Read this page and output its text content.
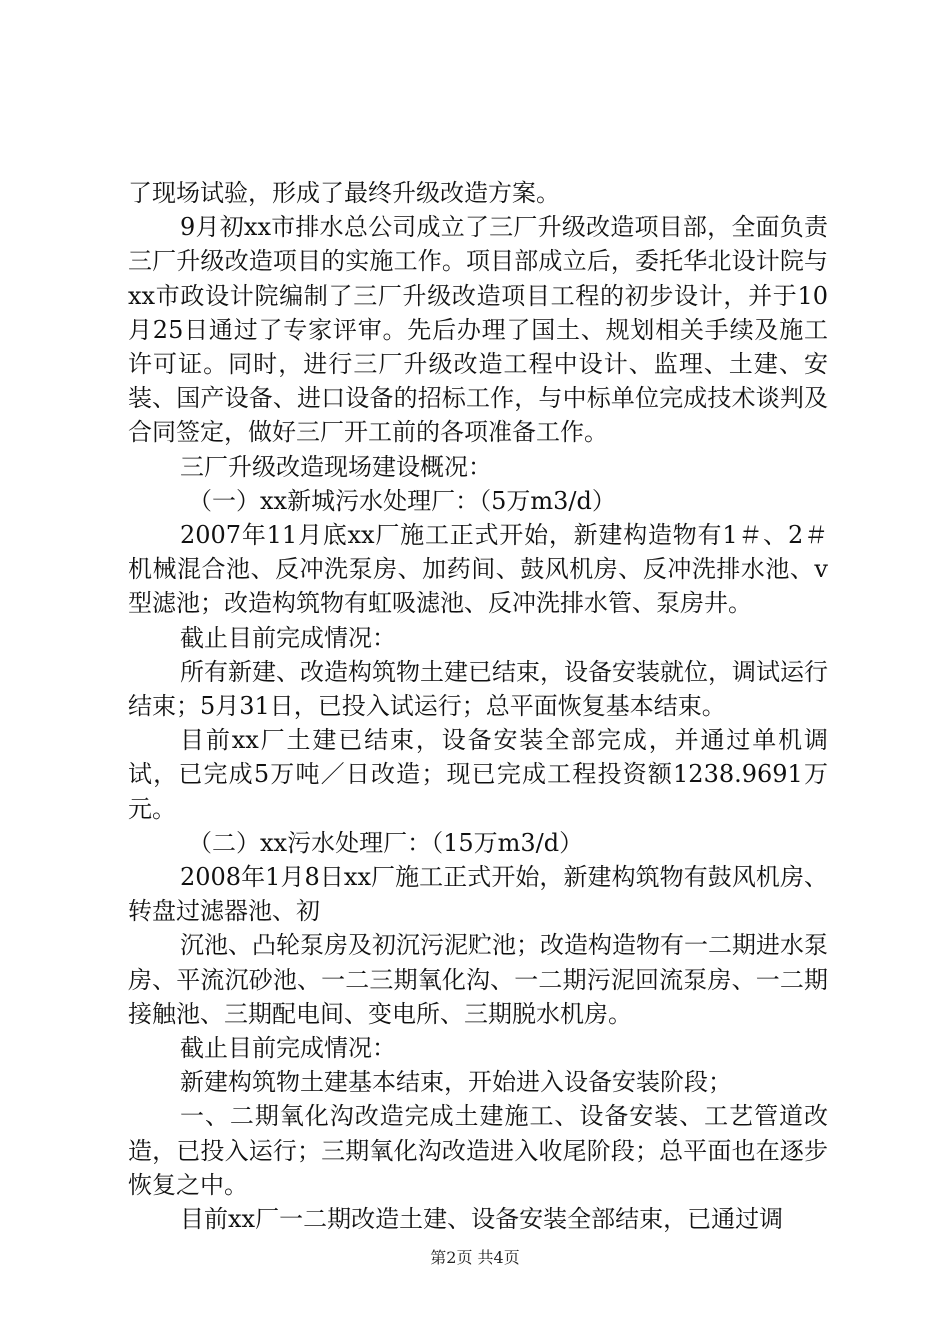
了现场试验，形成了最终升级改造方案。

9月初xx市排水总公司成立了三厂升级改造项目部，全面负责三厂升级改造项目的实施工作。项目部成立后，委托华北设计院与xx市政设计院编制了三厂升级改造项目工程的初步设计，并于10月25日通过了专家评审。先后办理了国土、规划相关手续及施工许可证。同时，进行三厂升级改造工程中设计、监理、土建、安装、国产设备、进口设备的招标工作，与中标单位完成技术谈判及合同签定，做好三厂开工前的各项准备工作。

三厂升级改造现场建设概况：

（一）xx新城污水处理厂：（5万m3/d）

2007年11月底xx厂施工正式开始，新建构造物有1＃、2＃机械混合池、反冲洗泵房、加药间、鼓风机房、反冲洗排水池、v型滤池；改造构筑物有虹吸滤池、反冲洗排水管、泵房井。

截止目前完成情况：

所有新建、改造构筑物土建已结束，设备安装就位，调试运行结束；5月31日，已投入试运行；总平面恢复基本结束。

目前xx厂土建已结束，设备安装全部完成，并通过单机调试，已完成5万吨／日改造；现已完成工程投资额1238.9691万元。

（二）xx污水处理厂：（15万m3/d）

2008年1月8日xx厂施工正式开始，新建构筑物有鼓风机房、转盘过滤器池、初

沉池、凸轮泵房及初沉污泥贮池；改造构造物有一二期进水泵房、平流沉砂池、一二三期氧化沟、一二期污泥回流泵房、一二期接触池、三期配电间、变电所、三期脱水机房。

截止目前完成情况：

新建构筑物土建基本结束，开始进入设备安装阶段；

一、二期氧化沟改造完成土建施工、设备安装、工艺管道改造，已投入运行；三期氧化沟改造进入收尾阶段；总平面也在逐步恢复之中。

目前xx厂一二期改造土建、设备安装全部结束，已通过调

第2页 共4页
